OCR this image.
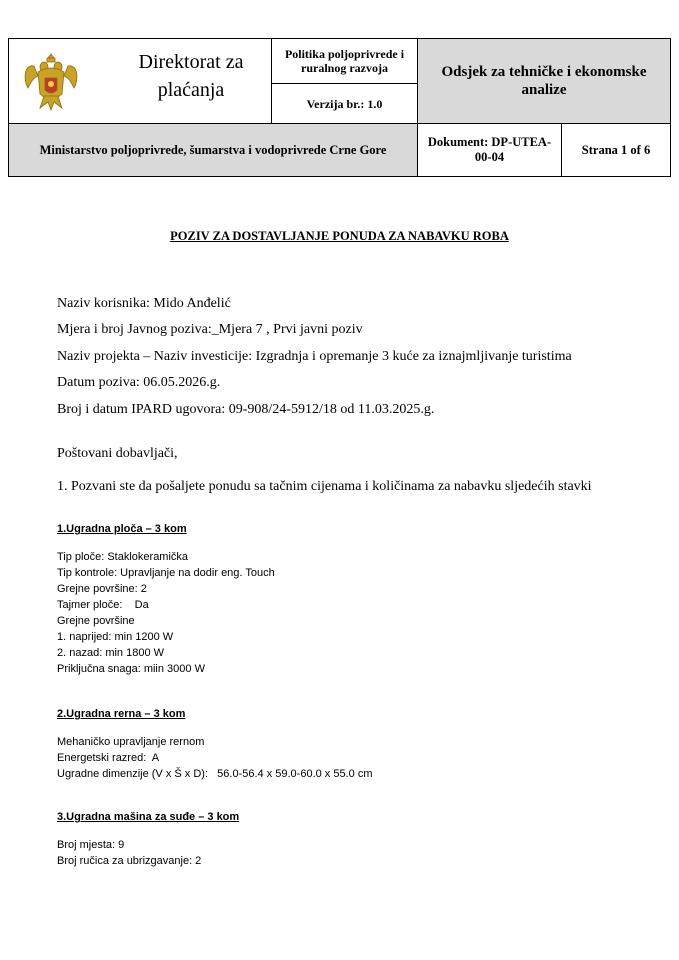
Direktorat za plaćanja
Politika poljoprivrede i ruralnog razvoja
Verzija br.: 1.0
Odsjek za tehničke i ekonomske analize
Ministarstvo poljoprivrede, šumarstva i vodoprivrede Crne Gore
Dokument: DP-UTEA-00-04
Strana 1 of 6
POZIV ZA DOSTAVLJANJE PONUDA ZA NABAVKU ROBA
Naziv korisnika: Mido Anđelić
Mjera i broj Javnog poziva:_Mjera 7 , Prvi javni poziv
Naziv projekta – Naziv investicije: Izgradnja i opremanje 3 kuće za iznajmljivanje turistima
Datum poziva: 06.05.2026.g.
Broj i datum IPARD ugovora: 09-908/24-5912/18 od 11.03.2025.g.
Poštovani dobavljači,
1. Pozvani ste da pošaljete ponudu sa tačnim cijenama i količinama za nabavku sljedećih stavki
1.Ugradna ploča – 3 kom
Tip ploče: Staklokeramička
Tip kontrole: Upravljanje na dodir eng. Touch
Grejne površine: 2
Tajmer ploče:    Da
Grejne površine
1. naprijed: min 1200 W
2. nazad: min 1800 W
Priključna snaga: miin 3000 W
2.Ugradna rerna – 3 kom
Mehaničko upravljanje rernom
Energetski razred:  A
Ugradne dimenzije (V x Š x D):   56.0-56.4 x 59.0-60.0 x 55.0 cm
3.Ugradna mašina za suđe – 3 kom
Broj mjesta: 9
Broj ručica za ubrizgavanje: 2
